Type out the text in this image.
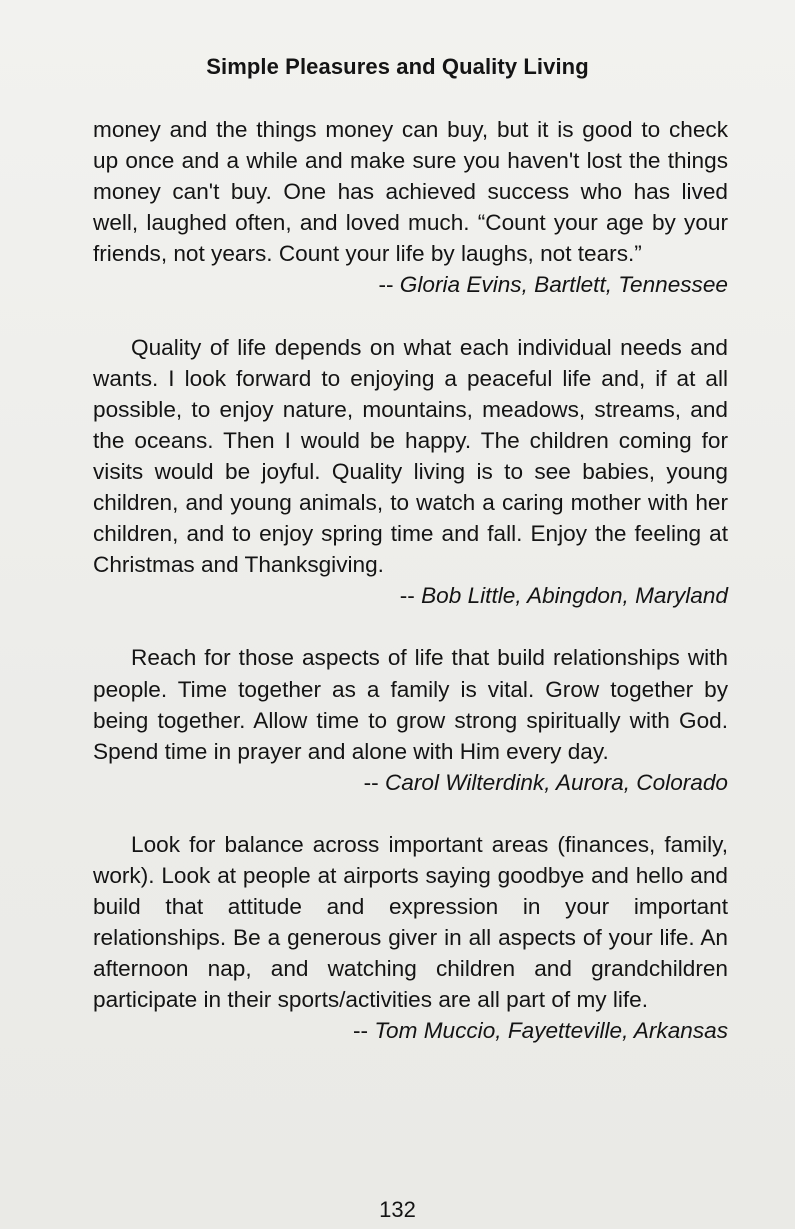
Simple Pleasures and Quality Living

money and the things money can buy, but it is good to check up once and a while and make sure you haven't lost the things money can't buy. One has achieved success who has lived well, laughed often, and loved much. “Count your age by your friends, not years. Count your life by laughs, not tears.”

-- Gloria Evins, Bartlett, Tennessee

Quality of life depends on what each individual needs and wants. I look forward to enjoying a peaceful life and, if at all possible, to enjoy nature, mountains, meadows, streams, and the oceans. Then I would be happy. The children coming for visits would be joyful. Quality living is to see babies, young children, and young animals, to watch a caring mother with her children, and to enjoy spring time and fall. Enjoy the feeling at Christmas and Thanksgiving.

-- Bob Little, Abingdon, Maryland

Reach for those aspects of life that build relationships with people. Time together as a family is vital. Grow together by being together. Allow time to grow strong spiritually with God. Spend time in prayer and alone with Him every day.

-- Carol Wilterdink, Aurora, Colorado

Look for balance across important areas (finances, family, work). Look at people at airports saying goodbye and hello and build that attitude and expression in your important relationships. Be a generous giver in all aspects of your life. An afternoon nap, and watching children and grandchildren participate in their sports/activities are all part of my life.

-- Tom Muccio, Fayetteville, Arkansas

132
